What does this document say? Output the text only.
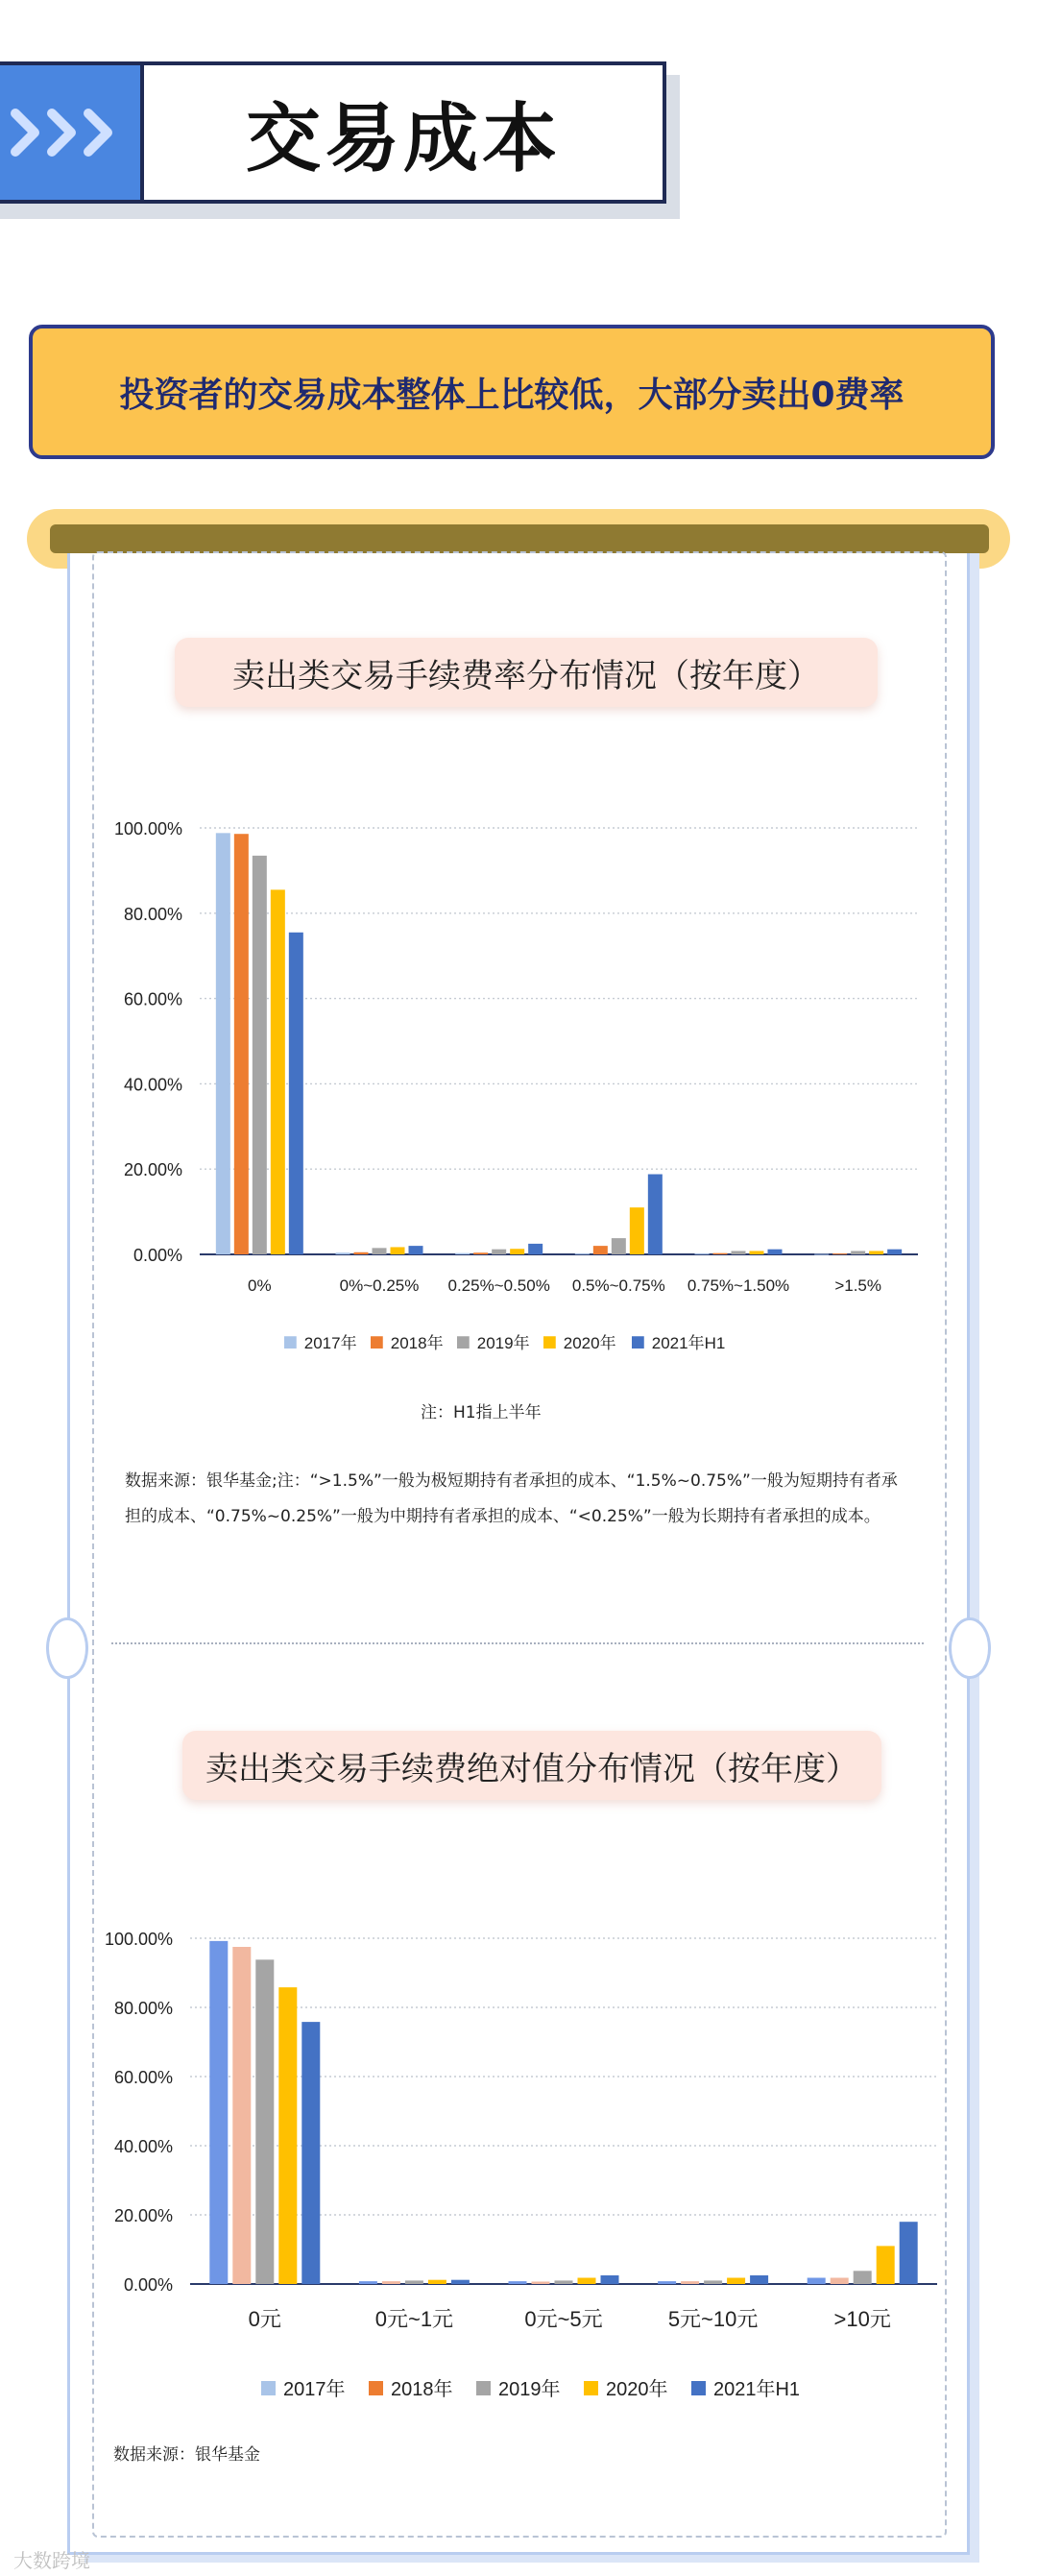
交易成本
投资者的交易成本整体上比较低，大部分卖出0费率
卖出类交易手续费率分布情况（按年度）
0.00%
20.00%
40.00%
60.00%
80.00%
100.00%
0%	0%~0.25% 0.25%~0.50% 0.5%~0.75% 0.75%~1.50%	>1.5%
2017年 2018年 2019年 2020年 2021年H1
注：H1指上半年
数据来源：银华基金;注：“>1.5%”一般为极短期持有者承担的成本、“1.5%~0.75%”一般为短期持有者承担的成本、“0.75%~0.25%”一般为中期持有者承担的成本、“<0.25%”一般为长期持有者承担的成本。
卖出类交易手续费绝对值分布情况（按年度）
0.00%
20.00%
40.00%
60.00%
80.00%
100.00%
0元	0元~1元	0元~5元	5元~10元	>10元
2017年 2018年 2019年 2020年 2021年H1
数据来源：银华基金
大数跨境
